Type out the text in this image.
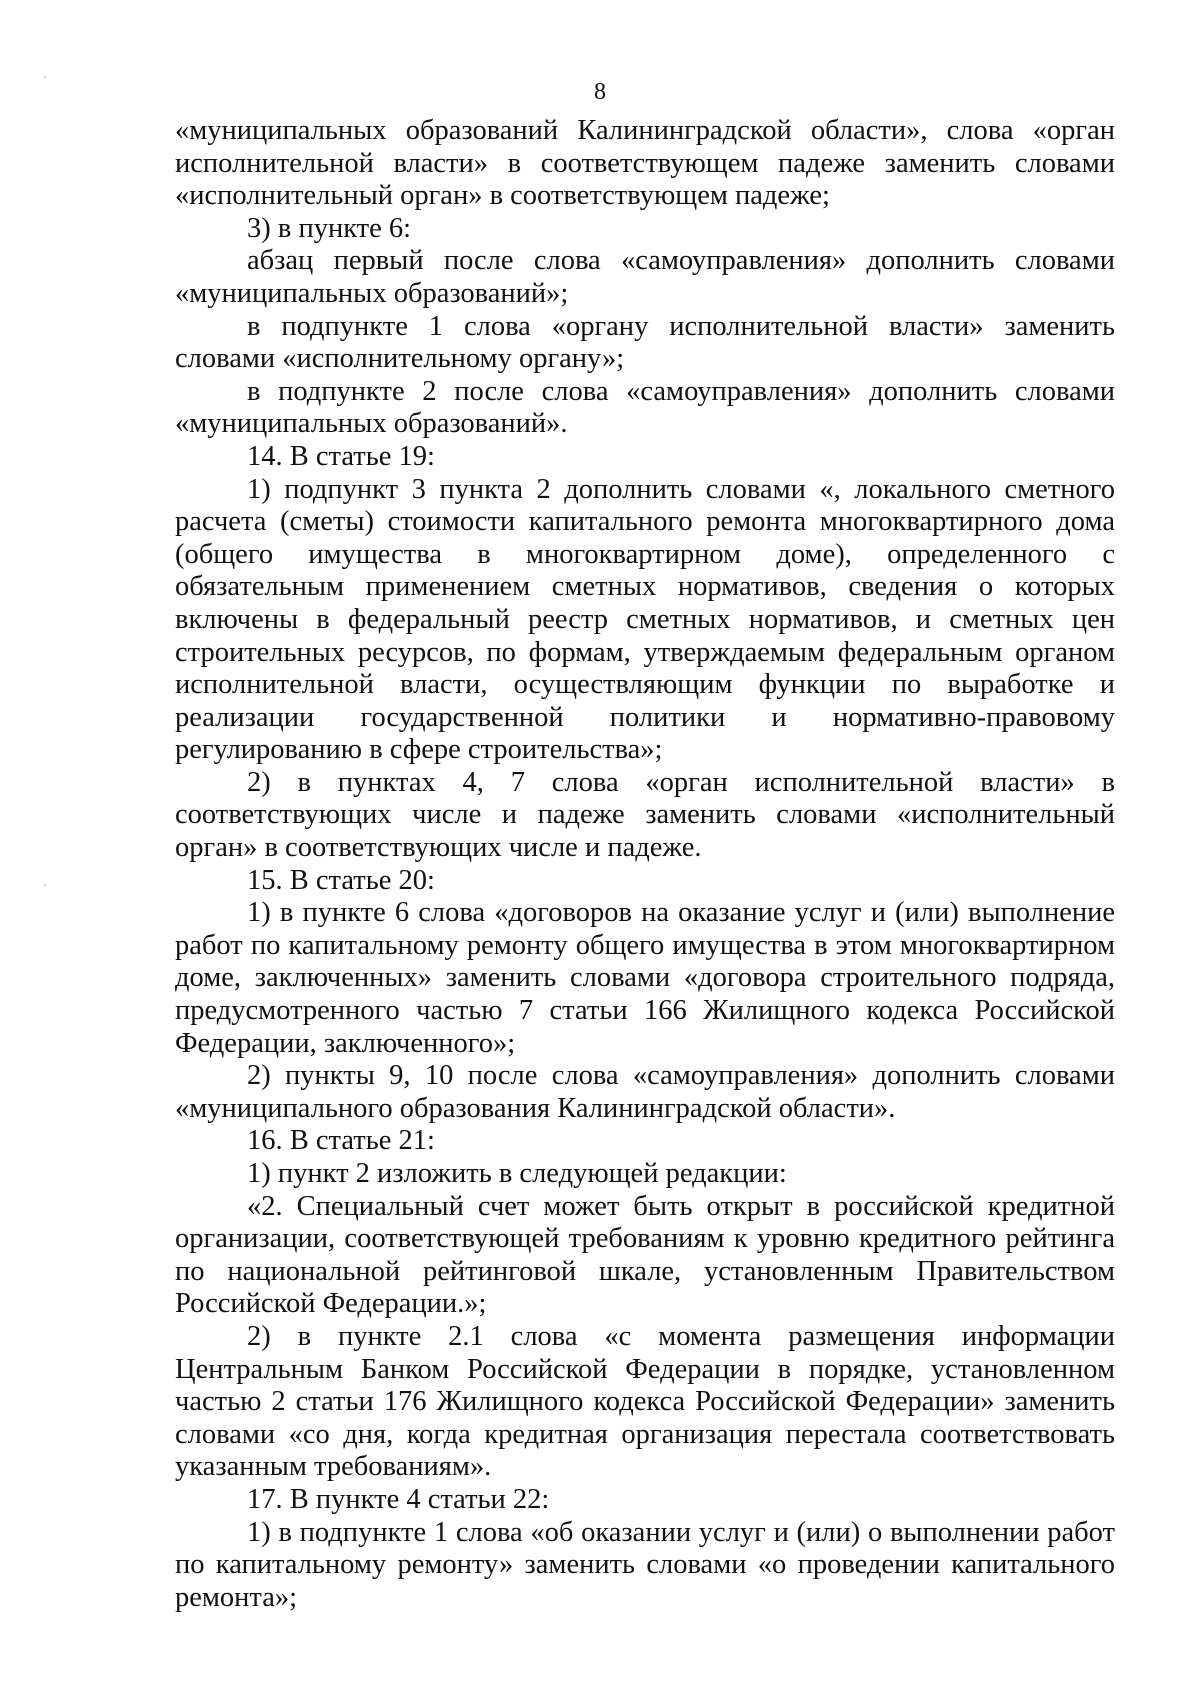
8

«муниципальных образований Калининградской области», слова «орган исполнительной власти» в соответствующем падеже заменить словами «исполнительный орган» в соответствующем падеже;

3) в пункте 6:

абзац первый после слова «самоуправления» дополнить словами «муниципальных образований»;

в подпункте 1 слова «органу исполнительной власти» заменить словами «исполнительному органу»;

в подпункте 2 после слова «самоуправления» дополнить словами «муниципальных образований».

14. В статье 19:

1) подпункт 3 пункта 2 дополнить словами «, локального сметного расчета (сметы) стоимости капитального ремонта многоквартирного дома (общего имущества в многоквартирном доме), определенного с обязательным применением сметных нормативов, сведения о которых включены в федеральный реестр сметных нормативов, и сметных цен строительных ресурсов, по формам, утверждаемым федеральным органом исполнительной власти, осуществляющим функции по выработке и реализации государственной политики и нормативно-правовому регулированию в сфере строительства»;

2) в пунктах 4, 7 слова «орган исполнительной власти» в соответствующих числе и падеже заменить словами «исполнительный орган» в соответствующих числе и падеже.

15. В статье 20:

1) в пункте 6 слова «договоров на оказание услуг и (или) выполнение работ по капитальному ремонту общего имущества в этом многоквартирном доме, заключенных» заменить словами «договора строительного подряда, предусмотренного частью 7 статьи 166 Жилищного кодекса Российской Федерации, заключенного»;

2) пункты 9, 10 после слова «самоуправления» дополнить словами «муниципального образования Калининградской области».

16. В статье 21:

1) пункт 2 изложить в следующей редакции:

«2. Специальный счет может быть открыт в российской кредитной организации, соответствующей требованиям к уровню кредитного рейтинга по национальной рейтинговой шкале, установленным Правительством Российской Федерации.»;

2) в пункте 2.1 слова «с момента размещения информации Центральным Банком Российской Федерации в порядке, установленном частью 2 статьи 176 Жилищного кодекса Российской Федерации» заменить словами «со дня, когда кредитная организация перестала соответствовать указанным требованиям».

17. В пункте 4 статьи 22:

1) в подпункте 1 слова «об оказании услуг и (или) о выполнении работ по капитальному ремонту» заменить словами «о проведении капитального ремонта»;
